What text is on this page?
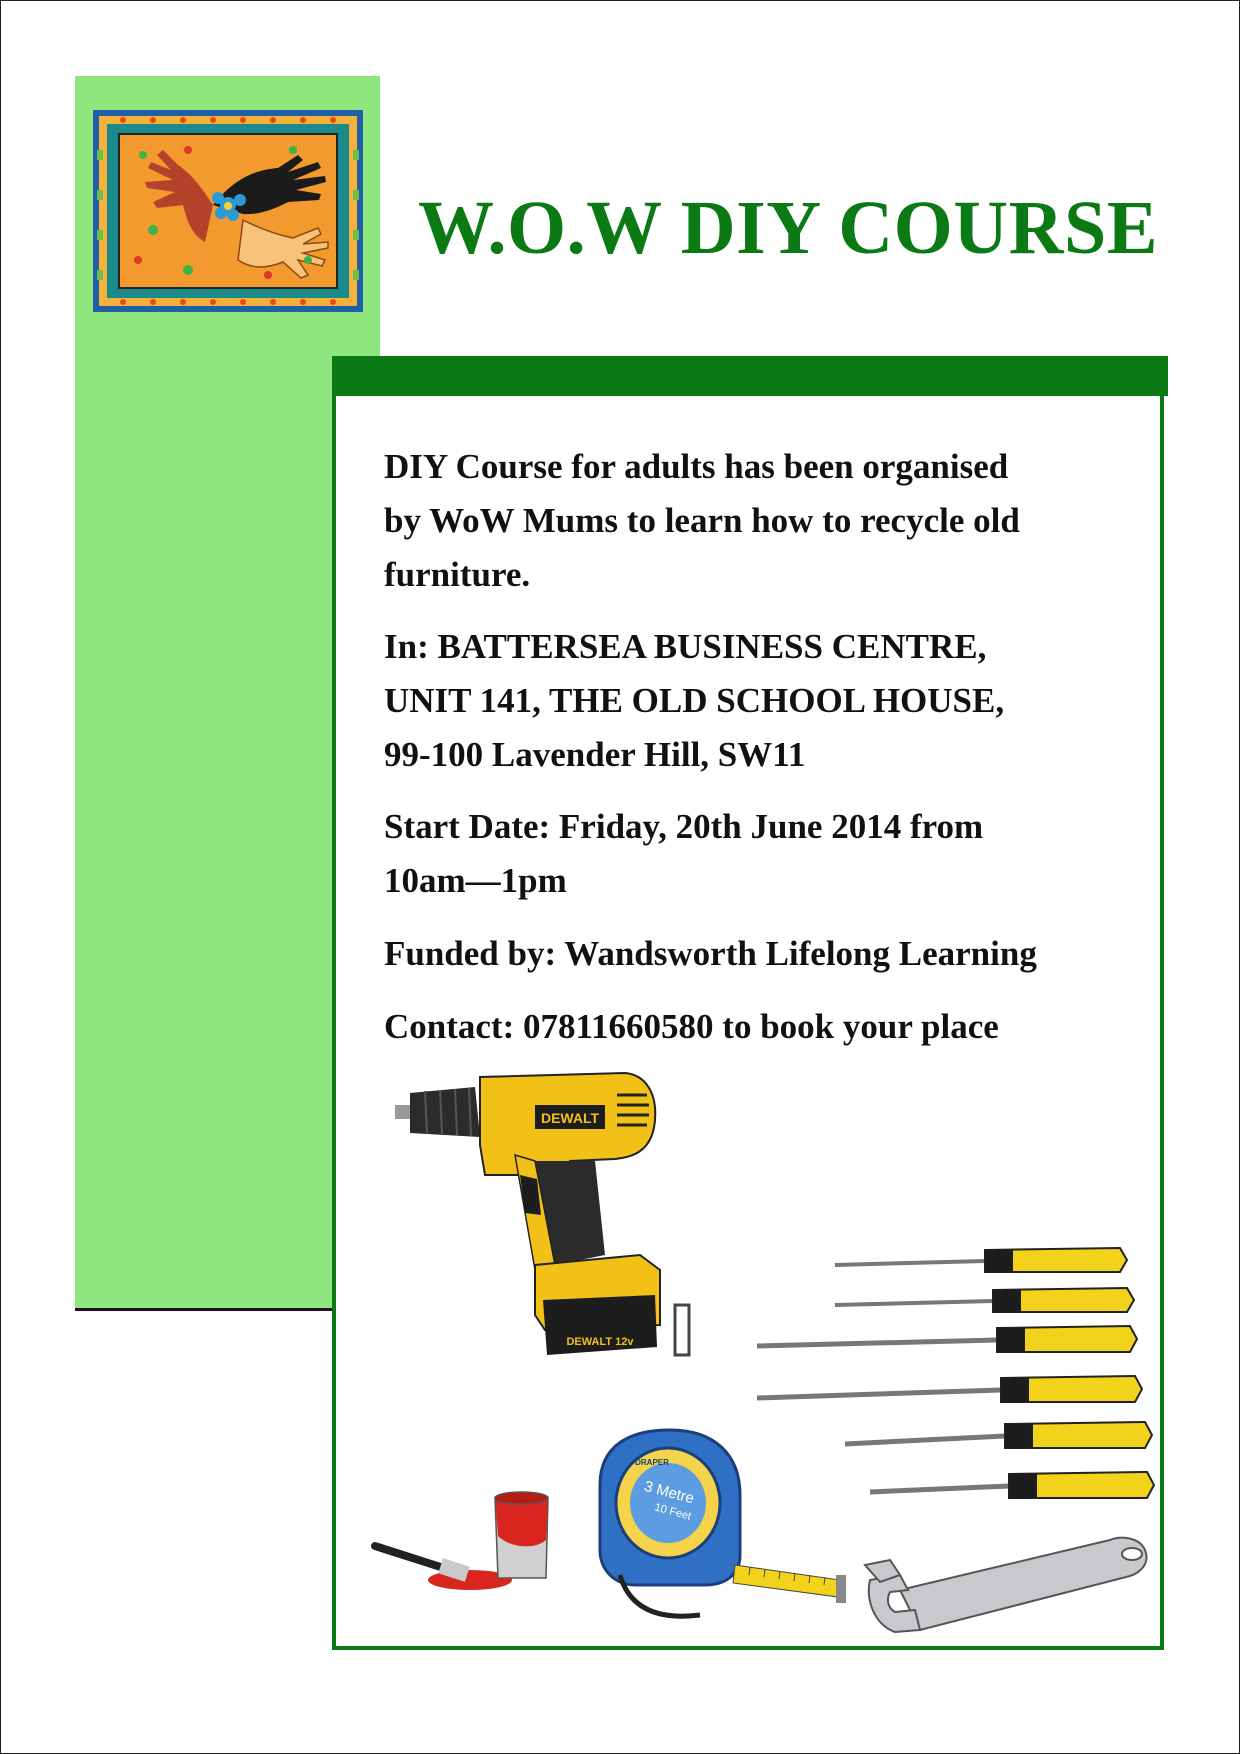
W.O.W DIY COURSE

DIY Course for adults has been organised
by WoW Mums to learn how to recycle old
furniture.

In: BATTERSEA BUSINESS CENTRE,
UNIT 141, THE OLD SCHOOL HOUSE,
99-100 Lavender Hill, SW11

Start Date: Friday, 20th June 2014 from
10am—1pm

Funded by: Wandsworth Lifelong Learning

Contact: 07811660580 to book your place

DEWALT
DEWALT 12v
3 Metre
10 Feet
DRAPER
